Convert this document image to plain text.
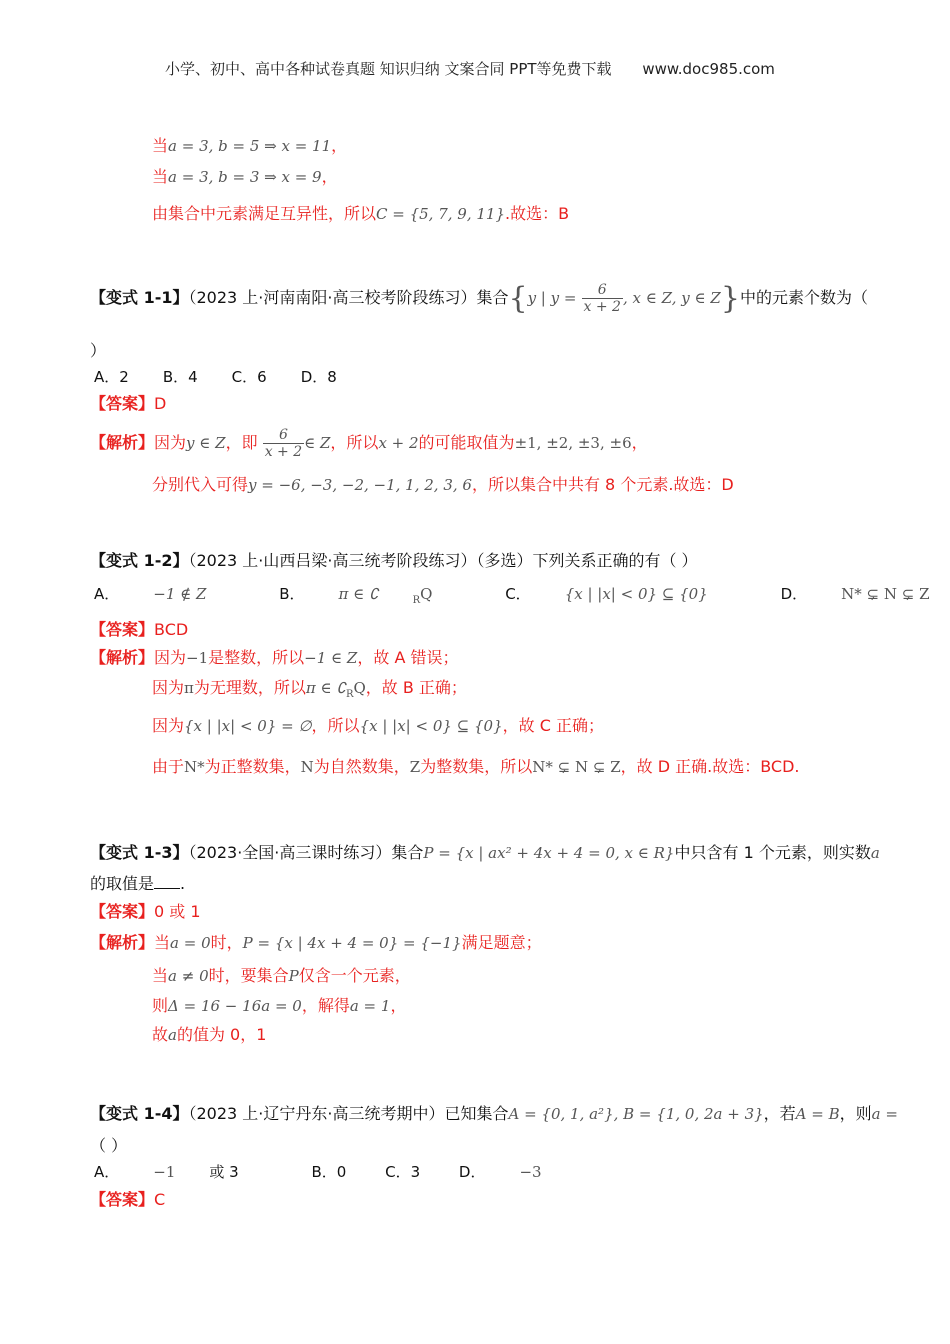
小学、初中、高中各种试卷真题 知识归纳 文案合同 PPT等免费下载 www.doc985.com
当a = 3, b = 5 ⇒ x = 11，
当a = 3, b = 3 ⇒ x = 9，
由集合中元素满足互异性，所以C = {5, 7, 9, 11}.故选：B
【变式 1-1】（2023 上·河南南阳·高三校考阶段练习）集合{y | $y = \frac{6}{x + 2}$ , x ∈ Z, y ∈ Z}中的元素个数为（
）
A．2 B．4 C．6 D．8
【答案】D
【解析】因为y ∈ Z，即 $\frac{6}{x + 2}$ ∈ Z，所以x + 2的可能取值为±1, ±2, ±3, ±6，
分别代入可得y = −6, −3, −2, −1, 1, 2, 3, 6，所以集合中共有 8 个元素.故选：D
【变式 1-2】（2023 上·山西吕梁·高三统考阶段练习）（多选）下列关系正确的有（ ）
A． −1 ∉ Z	B． π ∈ ∁	$_R$Q	C． {x | |x| < 0} ⊆ {0}	D． N* ⊊ N ⊊ Z
【答案】BCD
【解析】因为−1是整数，所以−1 ∈ Z，故 A 错误；
因为π为无理数，所以π ∈ $∁_RQ$，故 B 正确；
因为{x | |x| < 0} = ∅，所以{x | |x| < 0} ⊆ {0}，故 C 正确；
由于N*为正整数集，N为自然数集，Z为整数集，所以N* ⊊ N ⊊ Z，故 D 正确.故选：BCD.
【变式 1-3】（2023·全国·高三课时练习）集合P = {x | ax² + 4x + 4 = 0, x ∈ R}中只含有 1 个元素，则实数a
的取值是 .
【答案】0 或 1
【解析】当a = 0时，P = {x | 4x + 4 = 0} = {−1}满足题意；
当a ≠ 0时，要集合P仅含一个元素，
则Δ = 16 − 16a = 0，解得a = 1，
故a的值为 0，1
【变式 1-4】（2023 上·辽宁丹东·高三统考期中）已知集合A = {0, 1, a²}, B = {1, 0, 2a + 3}，若A = B，则a =
（ ）
A． −1 或 3	B．0	C．3	D． −3
【答案】C
